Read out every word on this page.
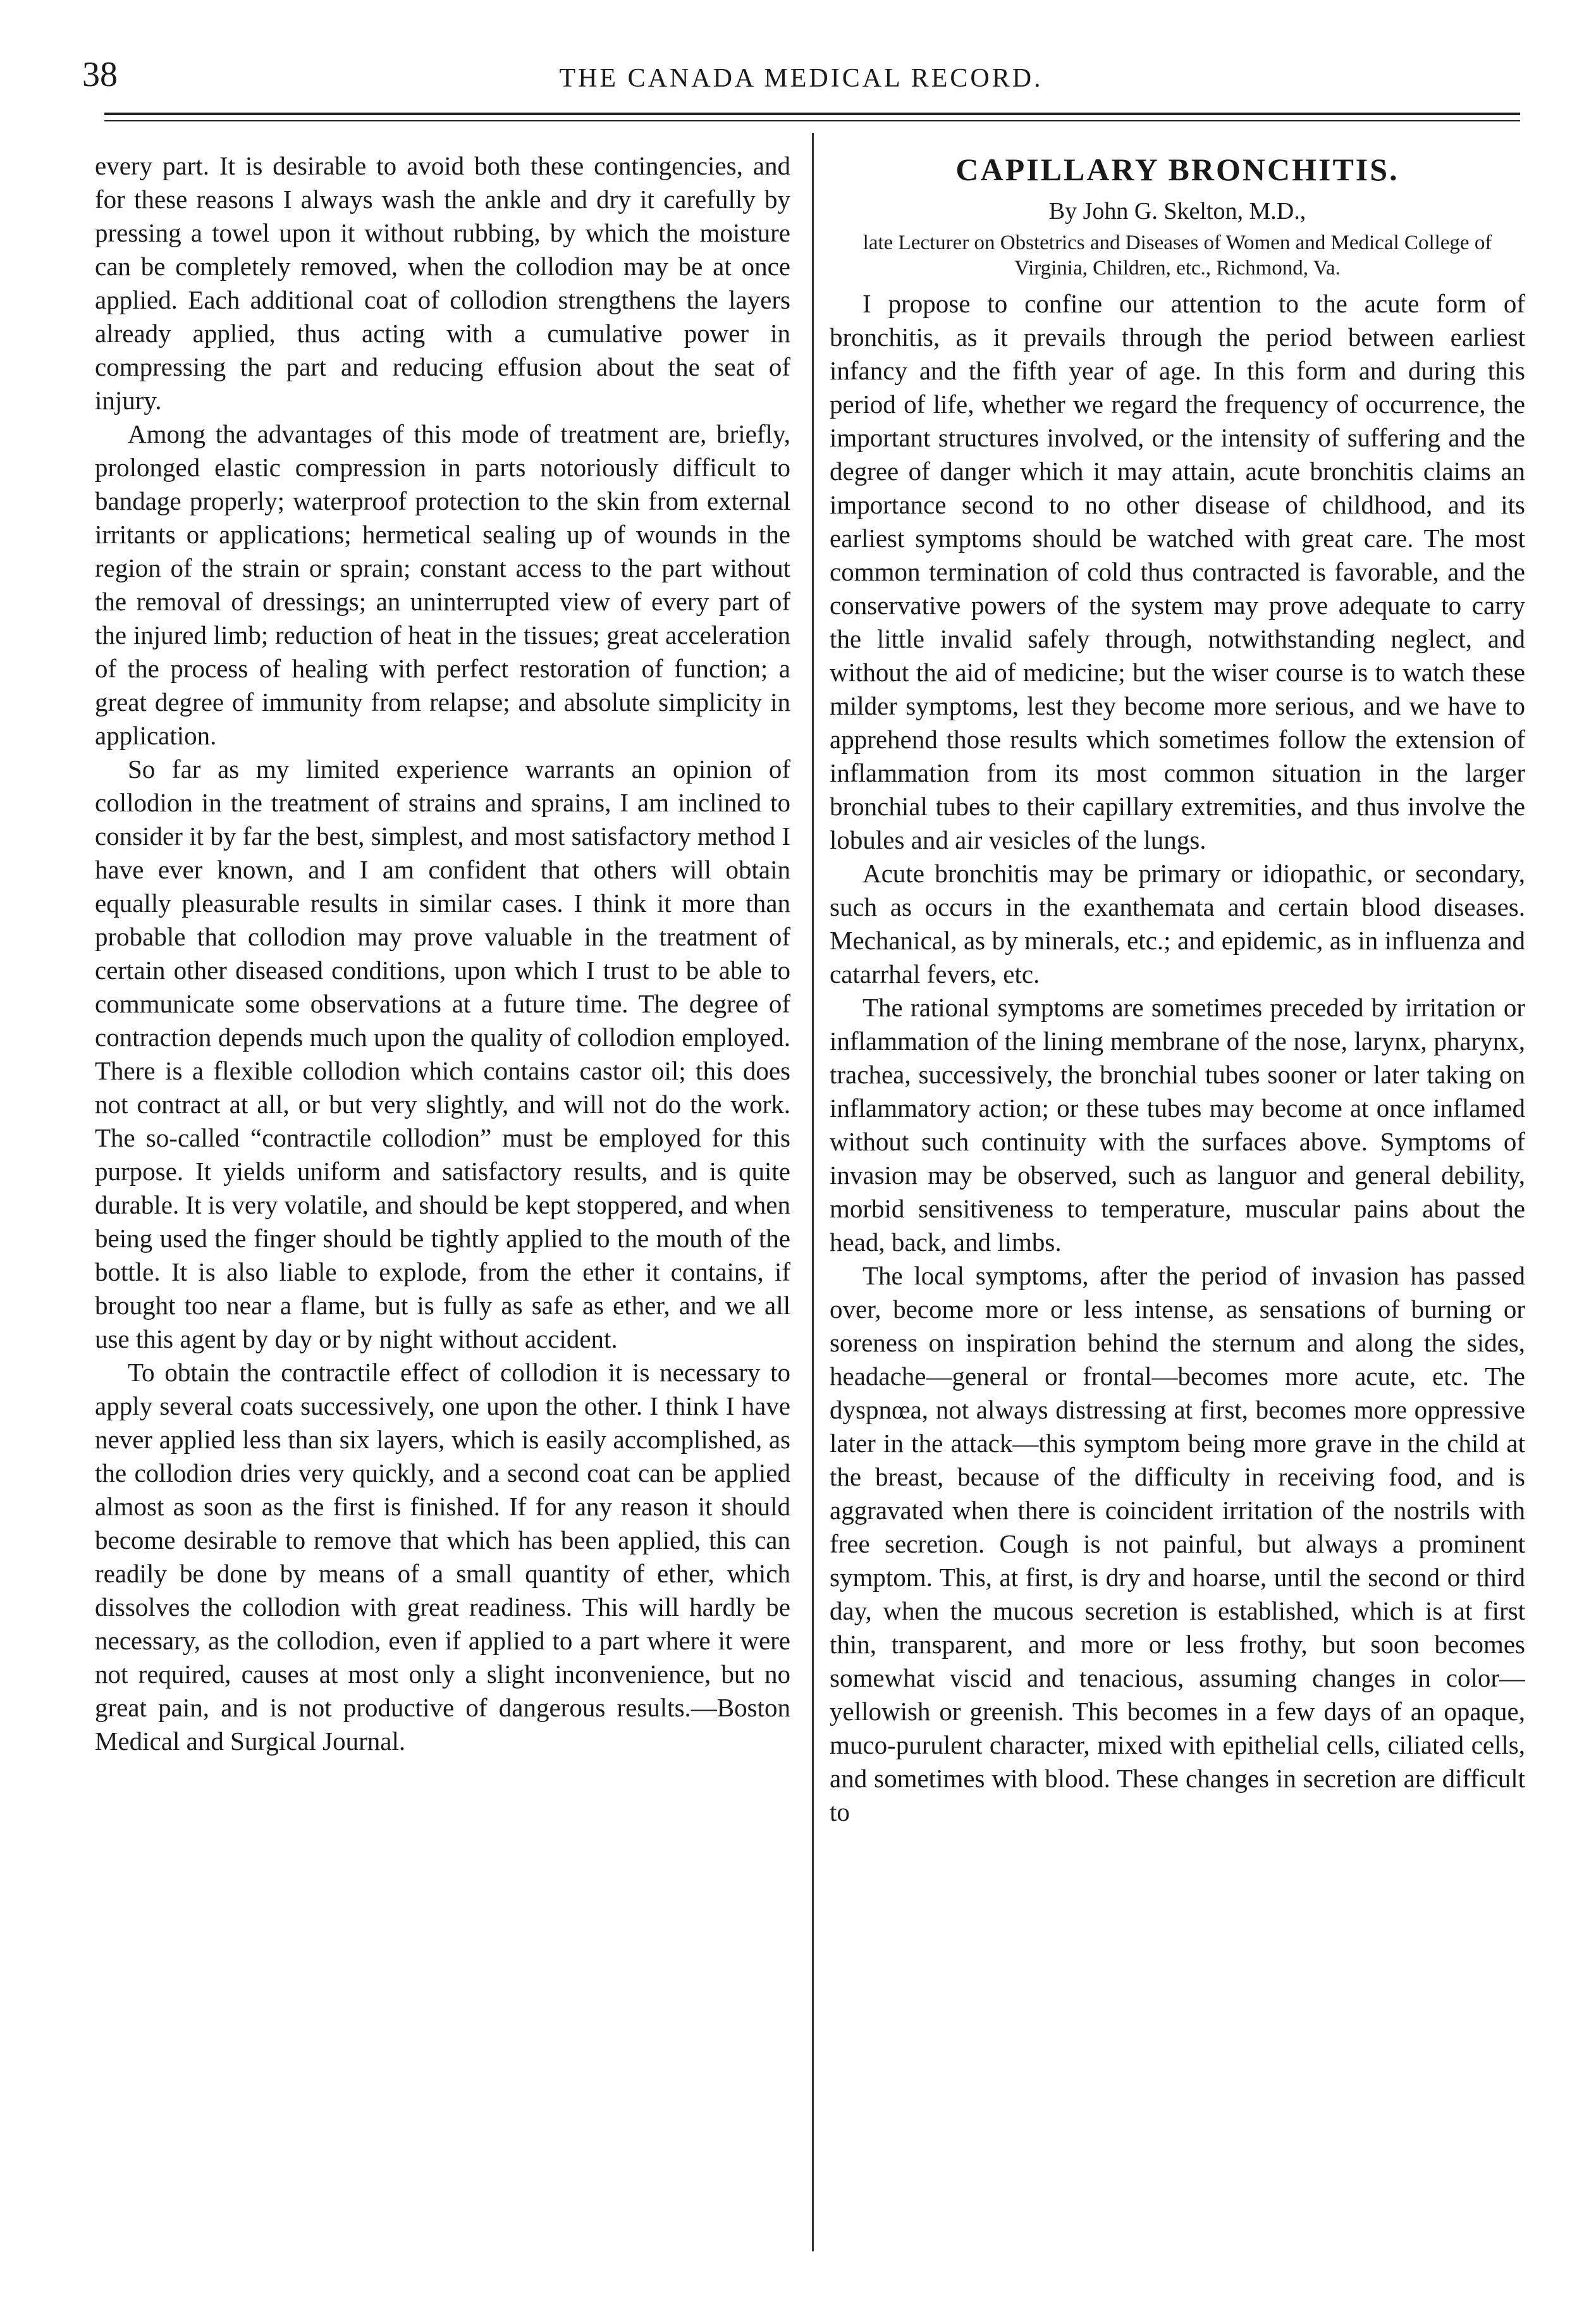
38	THE CANADA MEDICAL RECORD.

every part. It is desirable to avoid both these contingencies, and for these reasons I always wash the ankle and dry it carefully by pressing a towel upon it without rubbing, by which the moisture can be completely removed, when the collodion may be at once applied. Each additional coat of collodion strengthens the layers already applied, thus acting with a cumulative power in compressing the part and reducing effusion about the seat of injury.

Among the advantages of this mode of treatment are, briefly, prolonged elastic compression in parts notoriously difficult to bandage properly; waterproof protection to the skin from external irritants or applications; hermetical sealing up of wounds in the region of the strain or sprain; constant access to the part without the removal of dressings; an uninterrupted view of every part of the injured limb; reduction of heat in the tissues; great acceleration of the process of healing with perfect restoration of function; a great degree of immunity from relapse; and absolute simplicity in application.

So far as my limited experience warrants an opinion of collodion in the treatment of strains and sprains, I am inclined to consider it by far the best, simplest, and most satisfactory method I have ever known, and I am confident that others will obtain equally pleasurable results in similar cases. I think it more than probable that collodion may prove valuable in the treatment of certain other diseased conditions, upon which I trust to be able to communicate some observations at a future time. The degree of contraction depends much upon the quality of collodion employed. There is a flexible collodion which contains castor oil; this does not contract at all, or but very slightly, and will not do the work. The so-called “contractile collodion” must be employed for this purpose. It yields uniform and satisfactory results, and is quite durable. It is very volatile, and should be kept stoppered, and when being used the finger should be tightly applied to the mouth of the bottle. It is also liable to explode, from the ether it contains, if brought too near a flame, but is fully as safe as ether, and we all use this agent by day or by night without accident.

To obtain the contractile effect of collodion it is necessary to apply several coats successively, one upon the other. I think I have never applied less than six layers, which is easily accomplished, as the collodion dries very quickly, and a second coat can be applied almost as soon as the first is finished. If for any reason it should become desirable to remove that which has been applied, this can readily be done by means of a small quantity of ether, which dissolves the collodion with great readiness. This will hardly be necessary, as the collodion, even if applied to a part where it were not required, causes at most only a slight inconvenience, but no great pain, and is not productive of dangerous results.—Boston Medical and Surgical Journal.

CAPILLARY BRONCHITIS.
By John G. Skelton, M.D.,
late Lecturer on Obstetrics and Diseases of Women and Medical College of Virginia, Children, etc., Richmond, Va.

I propose to confine our attention to the acute form of bronchitis, as it prevails through the period between earliest infancy and the fifth year of age. In this form and during this period of life, whether we regard the frequency of occurrence, the important structures involved, or the intensity of suffering and the degree of danger which it may attain, acute bronchitis claims an importance second to no other disease of childhood, and its earliest symptoms should be watched with great care. The most common termination of cold thus contracted is favorable, and the conservative powers of the system may prove adequate to carry the little invalid safely through, notwithstanding neglect, and without the aid of medicine; but the wiser course is to watch these milder symptoms, lest they become more serious, and we have to apprehend those results which sometimes follow the extension of inflammation from its most common situation in the larger bronchial tubes to their capillary extremities, and thus involve the lobules and air vesicles of the lungs.

Acute bronchitis may be primary or idiopathic, or secondary, such as occurs in the exanthemata and certain blood diseases. Mechanical, as by minerals, etc.; and epidemic, as in influenza and catarrhal fevers, etc.

The rational symptoms are sometimes preceded by irritation or inflammation of the lining membrane of the nose, larynx, pharynx, trachea, successively, the bronchial tubes sooner or later taking on inflammatory action; or these tubes may become at once inflamed without such continuity with the surfaces above. Symptoms of invasion may be observed, such as languor and general debility, morbid sensitiveness to temperature, muscular pains about the head, back, and limbs.

The local symptoms, after the period of invasion has passed over, become more or less intense, as sensations of burning or soreness on inspiration behind the sternum and along the sides, headache—general or frontal—becomes more acute, etc. The dyspnœa, not always distressing at first, becomes more oppressive later in the attack—this symptom being more grave in the child at the breast, because of the difficulty in receiving food, and is aggravated when there is coincident irritation of the nostrils with free secretion. Cough is not painful, but always a prominent symptom. This, at first, is dry and hoarse, until the second or third day, when the mucous secretion is established, which is at first thin, transparent, and more or less frothy, but soon becomes somewhat viscid and tenacious, assuming changes in color—yellowish or greenish. This becomes in a few days of an opaque, muco-purulent character, mixed with epithelial cells, ciliated cells, and sometimes with blood. These changes in secretion are difficult to
